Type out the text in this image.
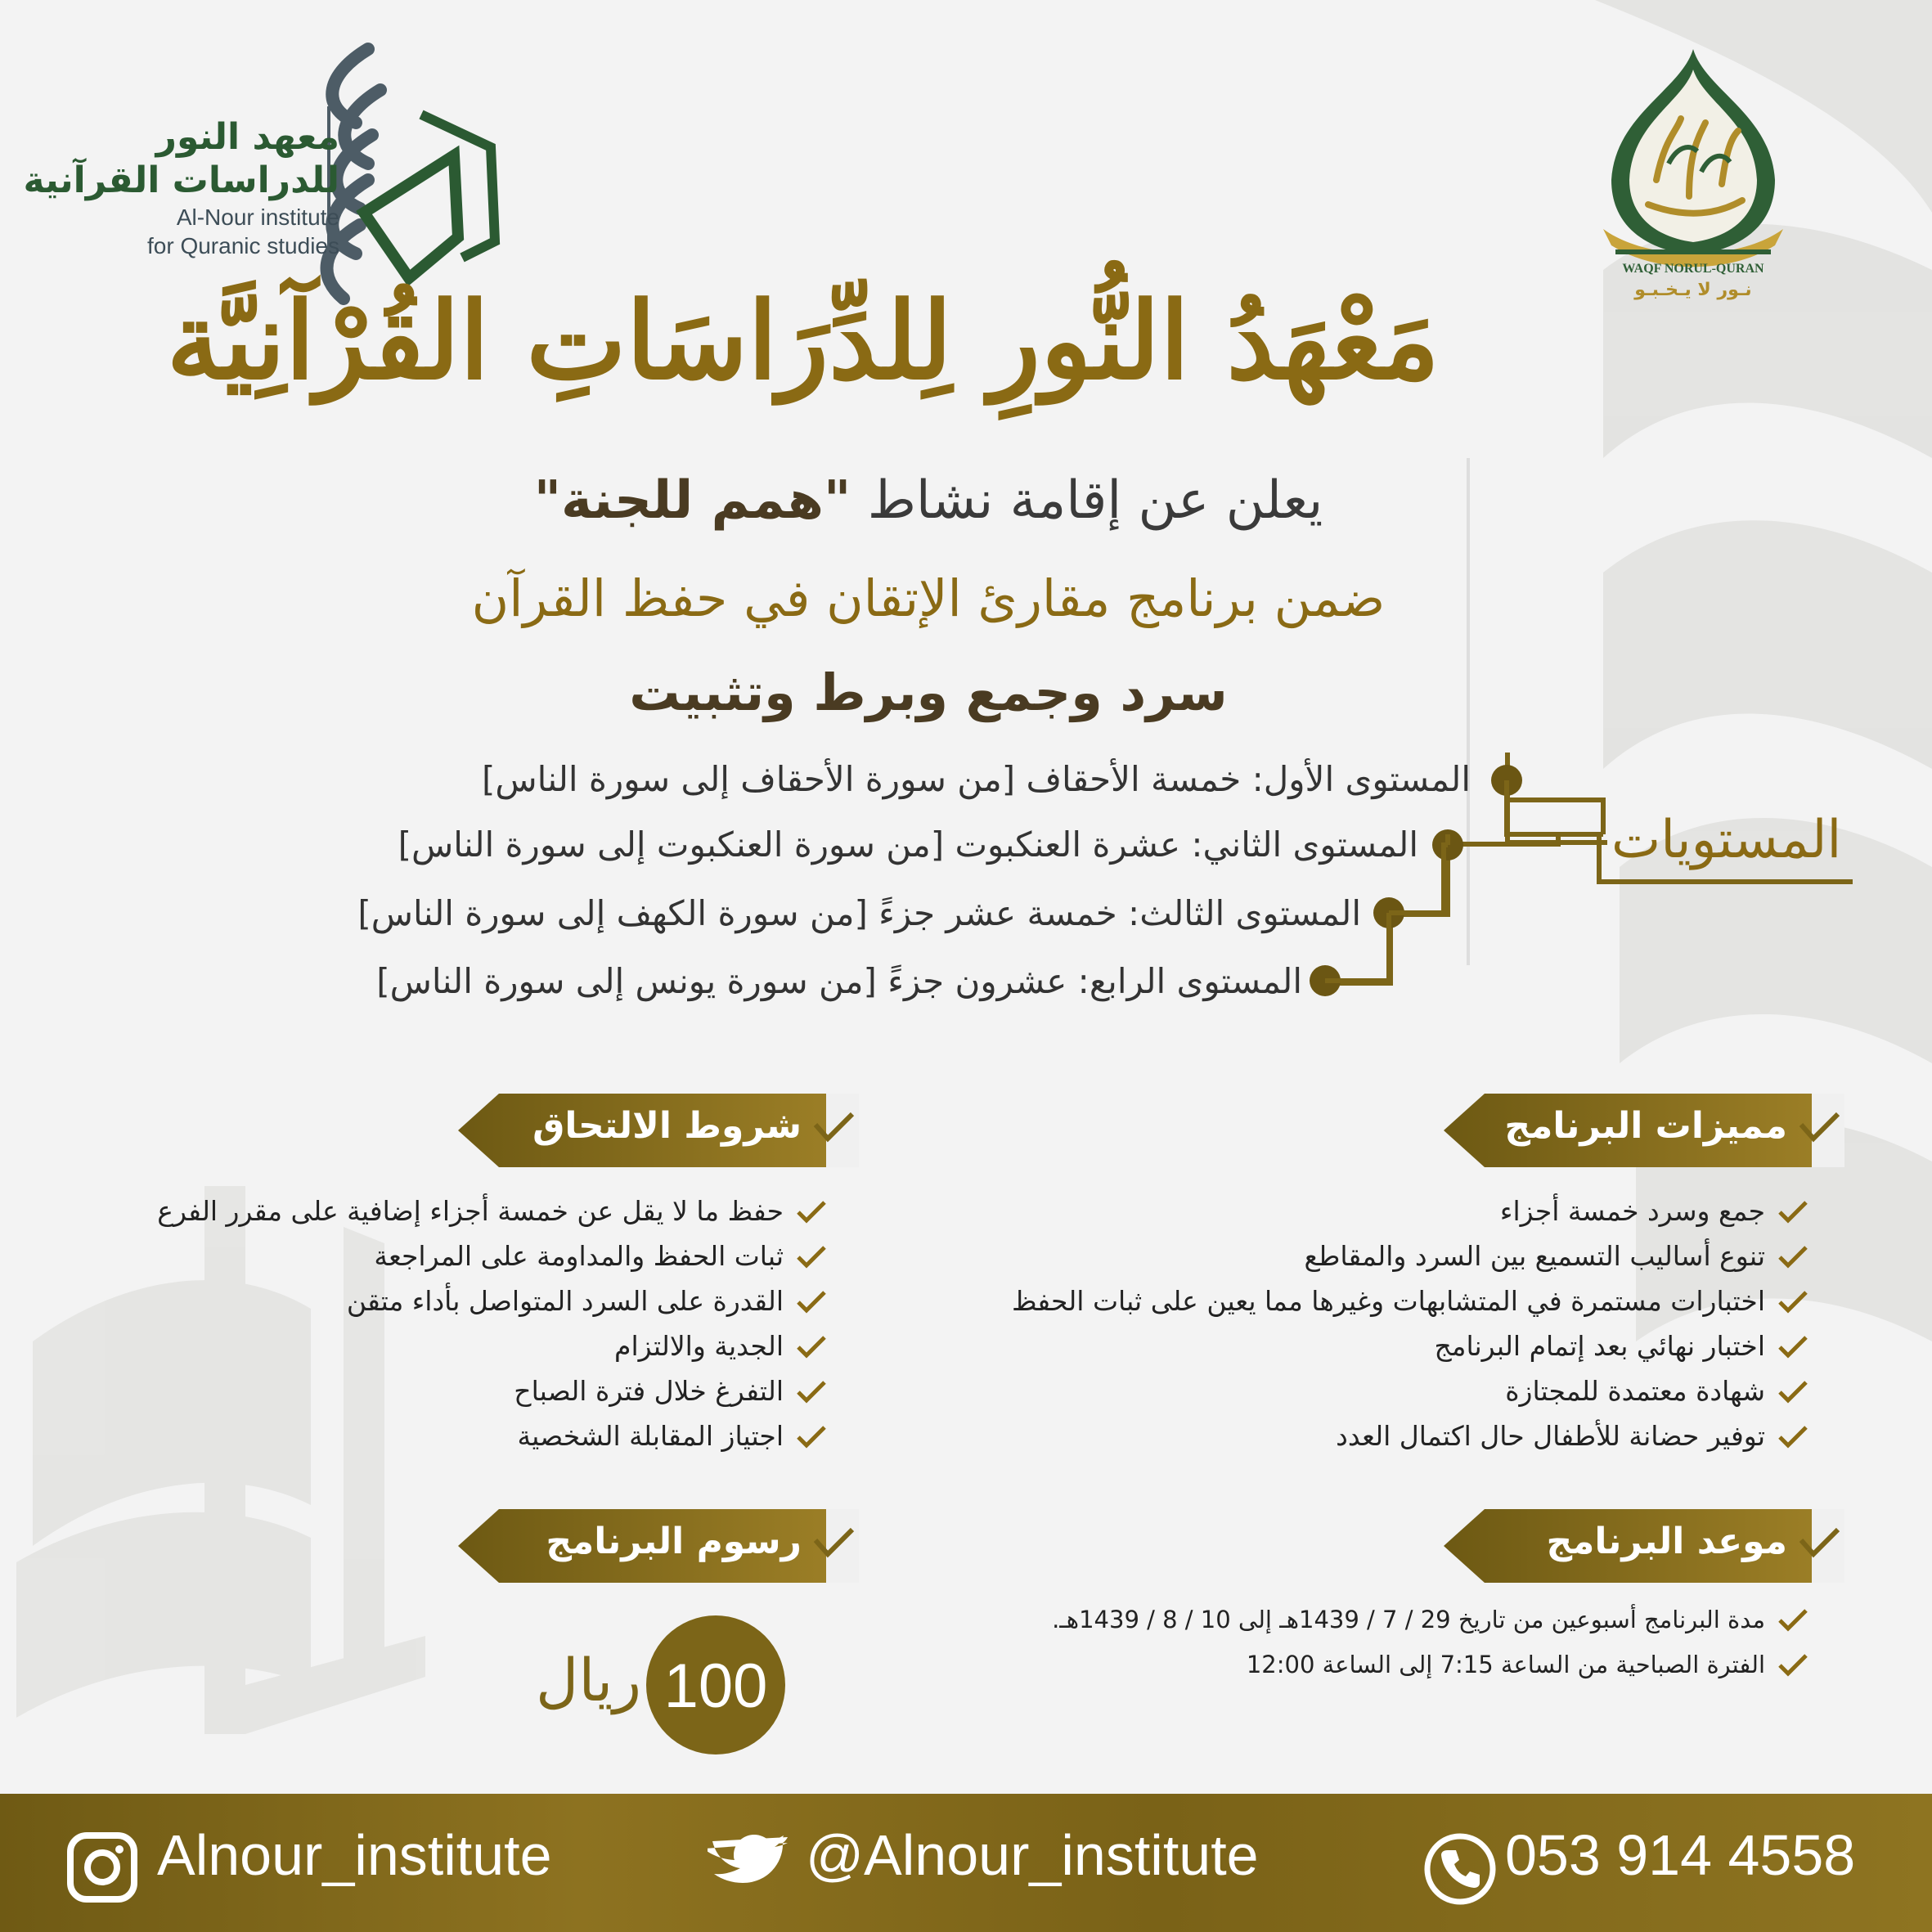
معهد النور
للدراسات القرآنية
Al-Nour institute
for Quranic studies
WAQF NORUL-QURAN
نـور لا يـخـبـو
مَعْهَدُ النُّورِ لِلدِّرَاسَاتِ القُرْآنِيَّة
يعلن عن إقامة نشاط "همم للجنة"
ضمن برنامج مقارئ الإتقان في حفظ القرآن
سرد وجمع وبرط وتثبيت
المستويات
المستوى الأول: خمسة الأحقاف [من سورة الأحقاف إلى سورة الناس]
المستوى الثاني: عشرة العنكبوت [من سورة العنكبوت إلى سورة الناس]
المستوى الثالث: خمسة عشر جزءً [من سورة الكهف إلى سورة الناس]
المستوى الرابع: عشرون جزءً [من سورة يونس إلى سورة الناس]
مميزات البرنامج
شروط الالتحاق
موعد البرنامج
رسوم البرنامج
جمع وسرد خمسة أجزاء
تنوع أساليب التسميع بين السرد والمقاطع
اختبارات مستمرة في المتشابهات وغيرها مما يعين على ثبات الحفظ
اختبار نهائي بعد إتمام البرنامج
شهادة معتمدة للمجتازة
توفير حضانة للأطفال حال اكتمال العدد
حفظ ما لا يقل عن خمسة أجزاء إضافية على مقرر الفرع
ثبات الحفظ والمداومة على المراجعة
القدرة على السرد المتواصل بأداء متقن
الجدية والالتزام
التفرغ خلال فترة الصباح
اجتياز المقابلة الشخصية
مدة البرنامج أسبوعين من تاريخ 29 / 7 / 1439هـ إلى 10 / 8 / 1439هـ.
الفترة الصباحية من الساعة 7:15 إلى الساعة 12:00
100
ريال
Alnour_institute	@Alnour_institute	053 914 4558
